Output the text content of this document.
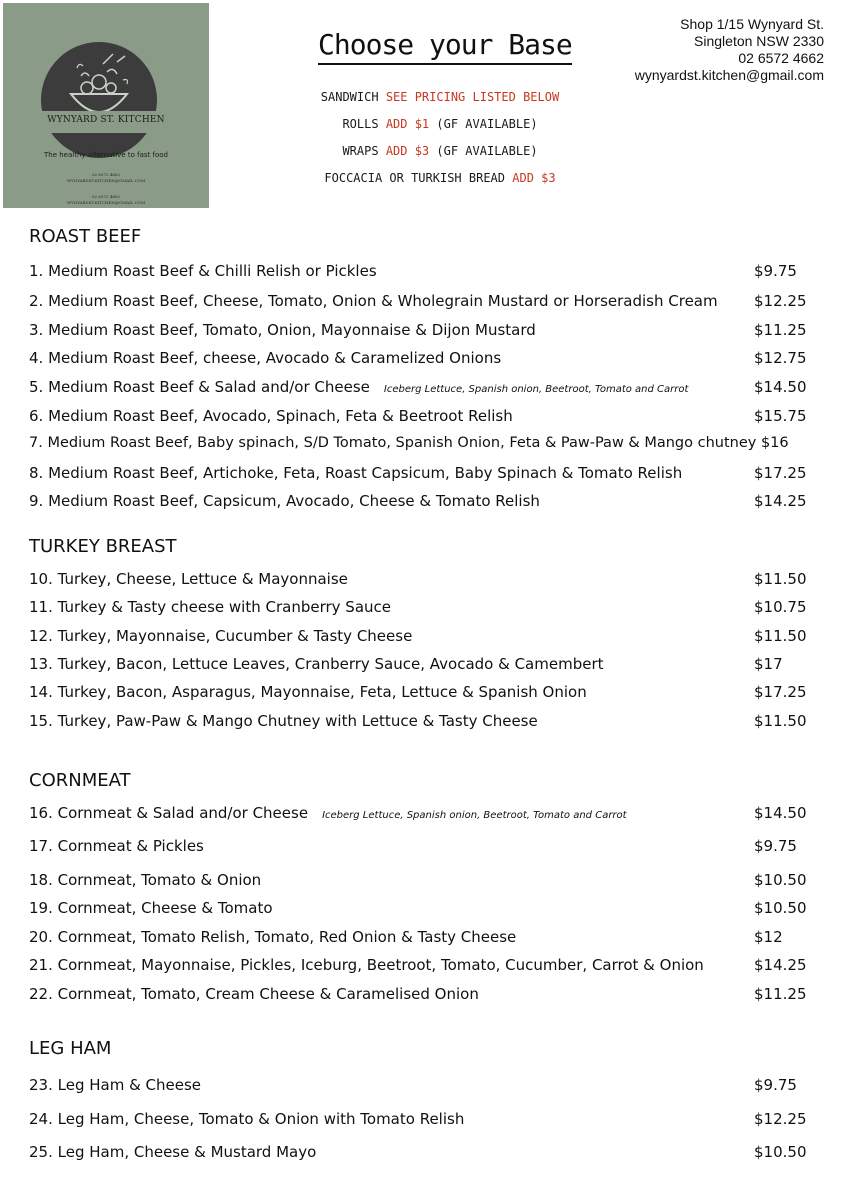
WYNYARD ST. KITCHEN
The healthy alternative to fast food
02 6572 4662
WYNYARDST.KITCHEN@GMAIL.COM
02 6572 4662
WYNYARDST.KITCHEN@GMAIL.COM
Choose your Base
SANDWICH SEE PRICING LISTED BELOW
ROLLS ADD $1 (GF AVAILABLE)
WRAPS ADD $3 (GF AVAILABLE)
FOCCACIA OR TURKISH BREAD ADD $3
Shop 1/15 Wynyard St.
Singleton NSW 2330
02 6572 4662
wynyardst.kitchen@gmail.com
ROAST BEEF
1. Medium Roast Beef & Chilli Relish or Pickles	$9.75
2. Medium Roast Beef, Cheese, Tomato, Onion & Wholegrain Mustard or Horseradish Cream $12.25
3. Medium Roast Beef, Tomato, Onion, Mayonnaise & Dijon Mustard	$11.25
4. Medium Roast Beef, cheese, Avocado & Caramelized Onions	$12.75
5. Medium Roast Beef & Salad and/or Cheese Iceberg Lettuce, Spanish onion, Beetroot, Tomato and Carrot	$14.50
6. Medium Roast Beef, Avocado, Spinach, Feta & Beetroot Relish	$15.75
7. Medium Roast Beef, Baby spinach, S/D Tomato, Spanish Onion, Feta & Paw-Paw & Mango chutney $16
8. Medium Roast Beef, Artichoke, Feta, Roast Capsicum, Baby Spinach & Tomato Relish	$17.25
9. Medium Roast Beef, Capsicum, Avocado, Cheese & Tomato Relish	$14.25
TURKEY BREAST
10. Turkey, Cheese, Lettuce & Mayonnaise	$11.50
11. Turkey & Tasty cheese with Cranberry Sauce	$10.75
12. Turkey, Mayonnaise, Cucumber & Tasty Cheese	$11.50
13. Turkey, Bacon, Lettuce Leaves, Cranberry Sauce, Avocado & Camembert	$17
14. Turkey, Bacon, Asparagus, Mayonnaise, Feta, Lettuce & Spanish Onion	$17.25
15. Turkey, Paw-Paw & Mango Chutney with Lettuce & Tasty Cheese	$11.50
CORNMEAT
16. Cornmeat & Salad and/or Cheese Iceberg Lettuce, Spanish onion, Beetroot, Tomato and Carrot	$14.50
17. Cornmeat & Pickles	$9.75
18. Cornmeat, Tomato & Onion	$10.50
19. Cornmeat, Cheese & Tomato	$10.50
20. Cornmeat, Tomato Relish, Tomato, Red Onion & Tasty Cheese	$12
21. Cornmeat, Mayonnaise, Pickles, Iceburg, Beetroot, Tomato, Cucumber, Carrot & Onion	$14.25
22. Cornmeat, Tomato, Cream Cheese & Caramelised Onion	$11.25
LEG HAM
23. Leg Ham & Cheese	$9.75
24. Leg Ham, Cheese, Tomato & Onion with Tomato Relish	$12.25
25. Leg Ham, Cheese & Mustard Mayo	$10.50
